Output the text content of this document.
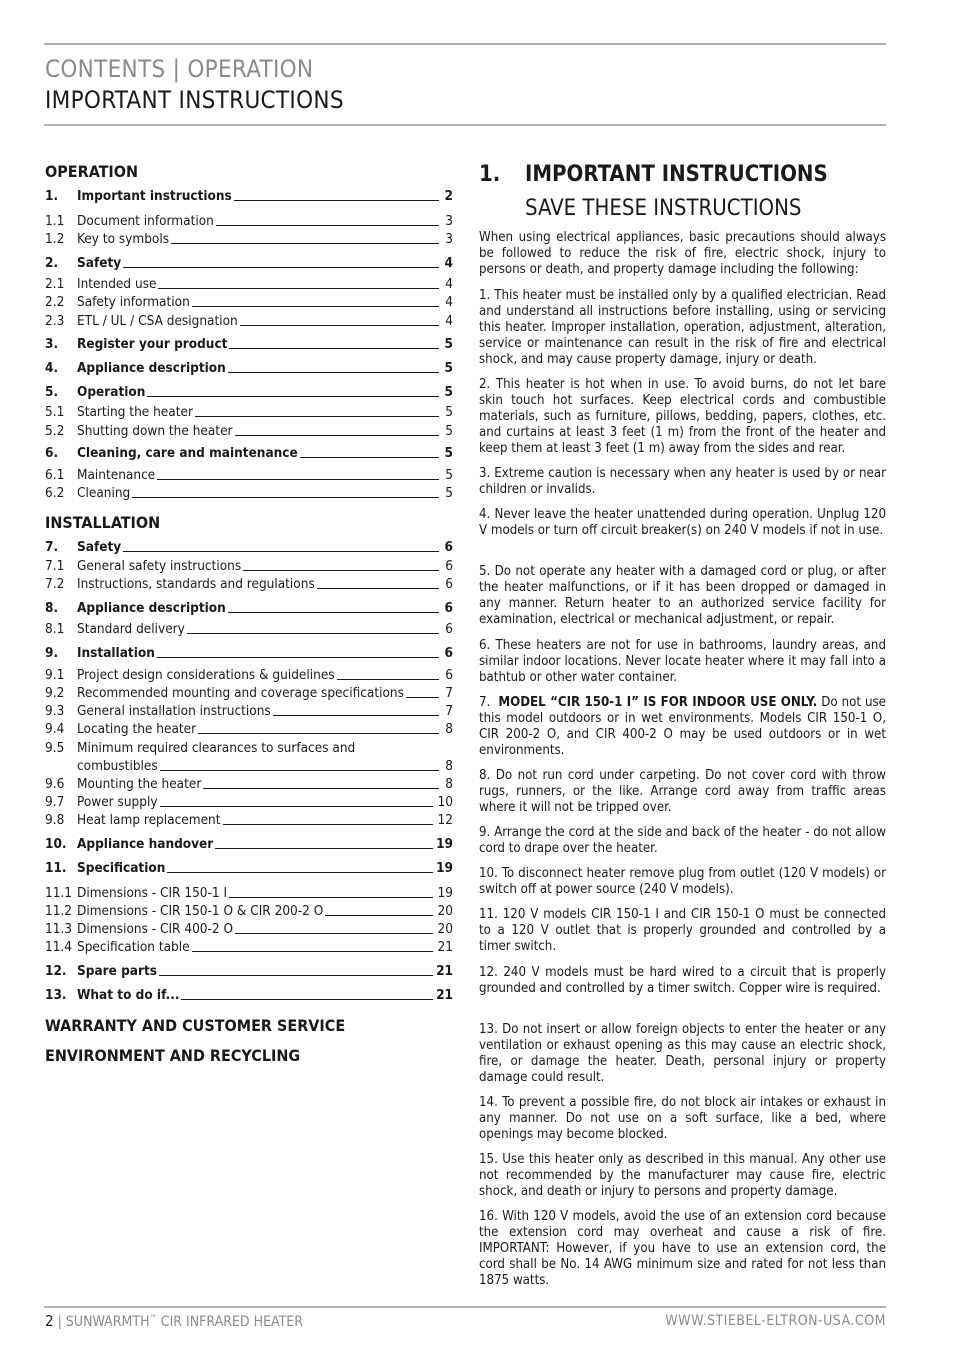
CONTENTS | OPERATION
IMPORTANT INSTRUCTIONS
OPERATION
1.	Important instructions	2
1.1 Document information	3
1.2 Key to symbols	3
2.	Safety	4
2.1 Intended use	4
2.2 Safety information	4
2.3 ETL / UL / CSA designation	4
3.	Register your product	5
4.	Appliance description	5
5.	Operation	5
5.1 Starting the heater	5
5.2 Shutting down the heater	5
6.	Cleaning, care and maintenance	5
6.1 Maintenance	5
6.2 Cleaning	5
INSTALLATION
7.	Safety	6
7.1 General safety instructions	6
7.2 Instructions, standards and regulations	6
8.	Appliance description	6
8.1 Standard delivery	6
9.	Installation	6
9.1 Project design considerations & guidelines	6
9.2 Recommended mounting and coverage specifications	7
9.3 General installation instructions	7
9.4 Locating the heater	8
9.5 Minimum required clearances to surfaces and
combustibles	8
9.6 Mounting the heater	8
9.7 Power supply	10
9.8 Heat lamp replacement	12
10. Appliance handover	19
11. Specification	19
11.1 Dimensions - CIR 150-1 I	19
11.2 Dimensions - CIR 150-1 O & CIR 200-2 O	20
11.3 Dimensions - CIR 400-2 O	20
11.4 Specification table	21
12. Spare parts	21
13. What to do if...	21
WARRANTY AND CUSTOMER SERVICE
ENVIRONMENT AND RECYCLING
1. IMPORTANT INSTRUCTIONS
SAVE THESE INSTRUCTIONS
When using electrical appliances, basic precautions should always be followed to reduce the risk of fire, electric shock, injury to persons or death, and property damage including the following:
1. This heater must be installed only by a qualified electrician. Read and understand all instructions before installing, using or servicing this heater. Improper installation, operation, adjustment, alteration, service or maintenance can result in the risk of fire and electrical shock, and may cause property damage, injury or death.
2. This heater is hot when in use. To avoid burns, do not let bare skin touch hot surfaces. Keep electrical cords and combustible materials, such as furniture, pillows, bedding, papers, clothes, etc. and curtains at least 3 feet (1 m) from the front of the heater and keep them at least 3 feet (1 m) away from the sides and rear.
3. Extreme caution is necessary when any heater is used by or near children or invalids.
4. Never leave the heater unattended during operation. Unplug 120 V models or turn off circuit breaker(s) on 240 V models if not in use.
5. Do not operate any heater with a damaged cord or plug, or after the heater malfunctions, or if it has been dropped or damaged in any manner. Return heater to an authorized service facility for examination, electrical or mechanical adjustment, or repair.
6. These heaters are not for use in bathrooms, laundry areas, and similar indoor locations. Never locate heater where it may fall into a bathtub or other water container.
7. MODEL “CIR 150-1 I” IS FOR INDOOR USE ONLY. Do not use this model outdoors or in wet environments. Models CIR 150-1 O, CIR 200-2 O, and CIR 400-2 O may be used outdoors or in wet environments.
8. Do not run cord under carpeting. Do not cover cord with throw rugs, runners, or the like. Arrange cord away from traffic areas where it will not be tripped over.
9. Arrange the cord at the side and back of the heater - do not allow cord to drape over the heater.
10. To disconnect heater remove plug from outlet (120 V models) or switch off at power source (240 V models).
11. 120 V models CIR 150-1 I and CIR 150-1 O must be connected to a 120 V outlet that is properly grounded and controlled by a timer switch.
12. 240 V models must be hard wired to a circuit that is properly grounded and controlled by a timer switch. Copper wire is required.
13. Do not insert or allow foreign objects to enter the heater or any ventilation or exhaust opening as this may cause an electric shock, fire, or damage the heater. Death, personal injury or property damage could result.
14. To prevent a possible fire, do not block air intakes or exhaust in any manner. Do not use on a soft surface, like a bed, where openings may become blocked.
15. Use this heater only as described in this manual. Any other use not recommended by the manufacturer may cause fire, electric shock, and death or injury to persons and property damage.
16. With 120 V models, avoid the use of an extension cord because the extension cord may overheat and cause a risk of fire. IMPORTANT: However, if you have to use an extension cord, the cord shall be No. 14 AWG minimum size and rated for not less than 1875 watts.
2 | SUNWARMTH™ CIR INFRARED HEATER	WWW.STIEBEL-ELTRON-USA.COM
